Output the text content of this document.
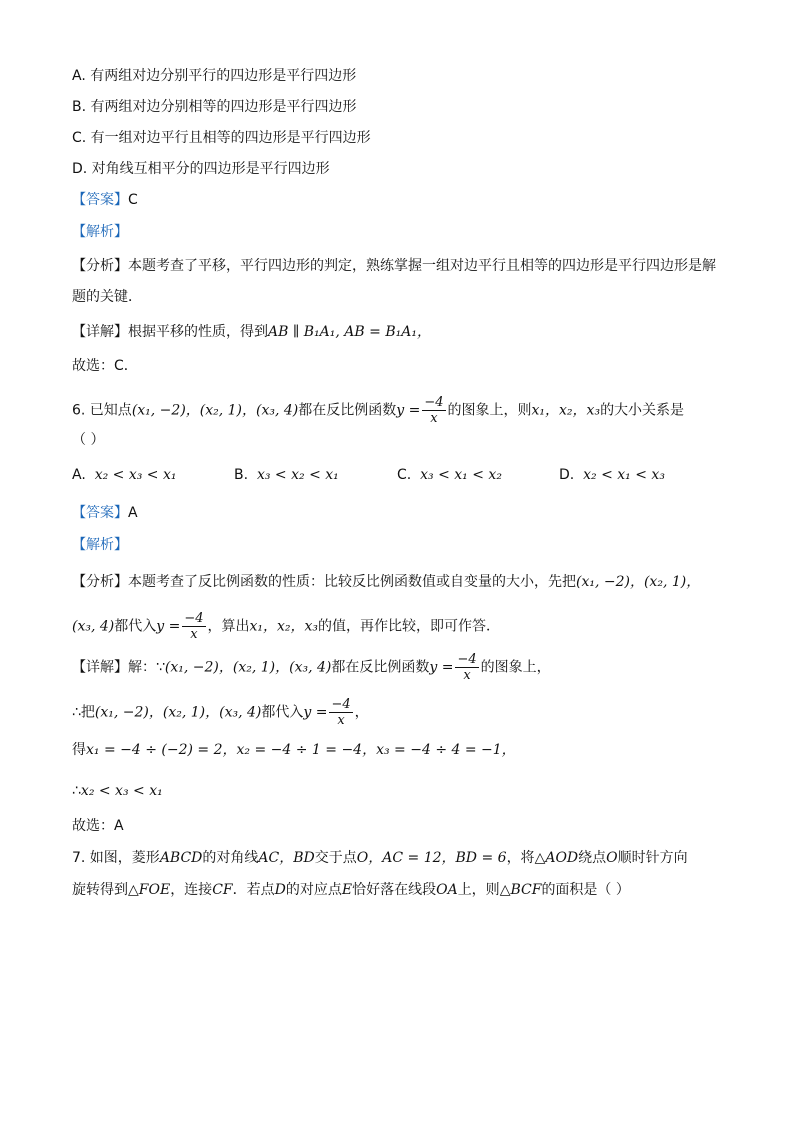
A. 有两组对边分别平行的四边形是平行四边形
B. 有两组对边分别相等的四边形是平行四边形
C. 有一组对边平行且相等的四边形是平行四边形
D. 对角线互相平分的四边形是平行四边形
【答案】C
【解析】
【分析】本题考查了平移，平行四边形的判定，熟练掌握一组对边平行且相等的四边形是平行四边形是解
题的关键．
【详解】根据平移的性质，得到AB ∥ B₁A₁, AB = B₁A₁，
故选：C．
6. 已知点(x₁, −2)，(x₂, 1)，(x₃, 4)都在反比例函数$y = \frac{-4}{x}$ 的图象上，则x₁，x₂，x₃的大小关系是
（ ）
A. x₂ < x₃ < x₁	B. x₃ < x₂ < x₁	C. x₃ < x₁ < x₂	D. x₂ < x₁ < x₃
【答案】A
【解析】
【分析】本题考查了反比例函数的性质：比较反比例函数值或自变量的大小，先把(x₁, −2)，(x₂, 1)，
(x₃, 4)都代入$y = \frac{-4}{x}$ ，算出x₁，x₂，x₃的值，再作比较，即可作答．
【详解】解：∵(x₁, −2)，(x₂, 1)，(x₃, 4)都在反比例函数$y = \frac{-4}{x}$ 的图象上，
∴把(x₁, −2)，(x₂, 1)，(x₃, 4)都代入$y = \frac{-4}{x}$ ，
得x₁ = −4 ÷ (−2) = 2，x₂ = −4 ÷ 1 = −4，x₃ = −4 ÷ 4 = −1，
∴x₂ < x₃ < x₁
故选：A
7. 如图，菱形ABCD的对角线AC，BD交于点O，AC = 12，BD = 6，将△AOD绕点O顺时针方向
旋转得到△FOE，连接CF．若点D的对应点E恰好落在线段OA上，则△BCF的面积是（ ）
